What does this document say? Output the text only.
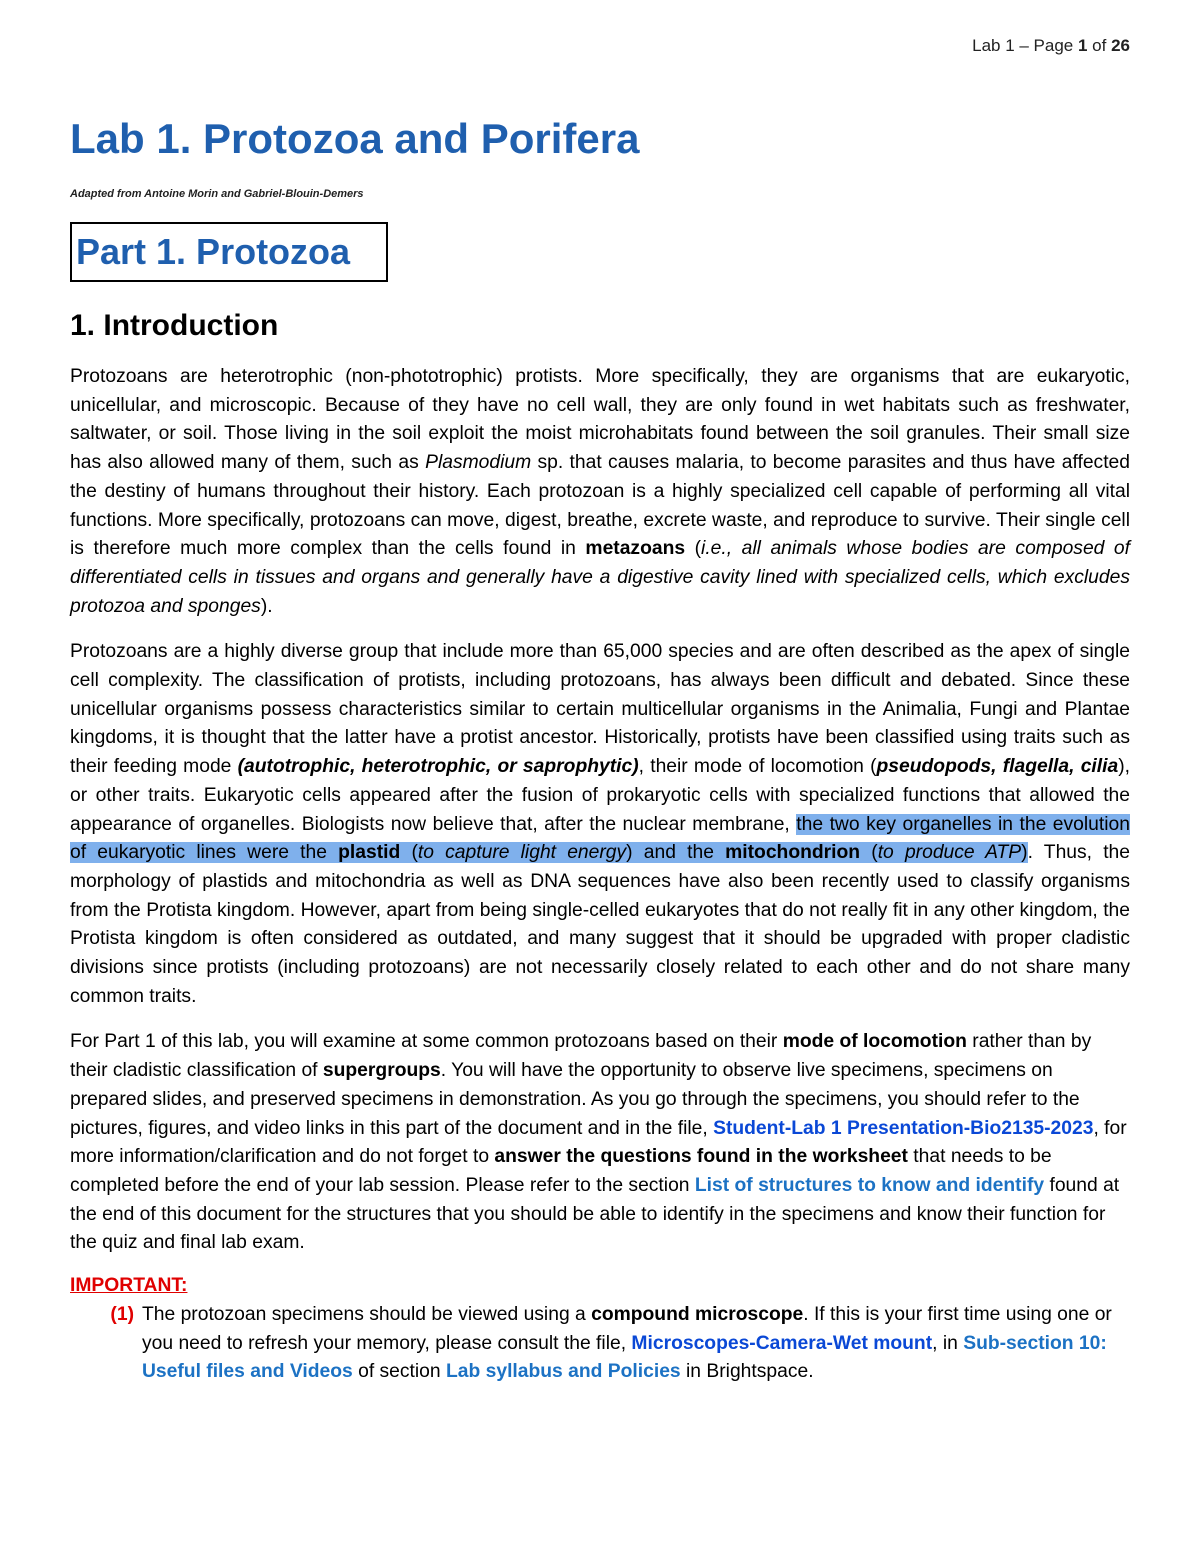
Lab 1 – Page 1 of 26
Lab 1. Protozoa and Porifera
Adapted from Antoine Morin and Gabriel-Blouin-Demers
Part 1. Protozoa
1. Introduction

Protozoans are heterotrophic (non-phototrophic) protists. More specifically, they are organisms that are eukaryotic, unicellular, and microscopic. Because of they have no cell wall, they are only found in wet habitats such as freshwater, saltwater, or soil. Those living in the soil exploit the moist microhabitats found between the soil granules. Their small size has also allowed many of them, such as Plasmodium sp. that causes malaria, to become parasites and thus have affected the destiny of humans throughout their history. Each protozoan is a highly specialized cell capable of performing all vital functions. More specifically, protozoans can move, digest, breathe, excrete waste, and reproduce to survive. Their single cell is therefore much more complex than the cells found in metazoans (i.e., all animals whose bodies are composed of differentiated cells in tissues and organs and generally have a digestive cavity lined with specialized cells, which excludes protozoa and sponges).

Protozoans are a highly diverse group that include more than 65,000 species and are often described as the apex of single cell complexity. The classification of protists, including protozoans, has always been difficult and debated. Since these unicellular organisms possess characteristics similar to certain multicellular organisms in the Animalia, Fungi and Plantae kingdoms, it is thought that the latter have a protist ancestor. Historically, protists have been classified using traits such as their feeding mode (autotrophic, heterotrophic, or saprophytic), their mode of locomotion (pseudopods, flagella, cilia), or other traits. Eukaryotic cells appeared after the fusion of prokaryotic cells with specialized functions that allowed the appearance of organelles. Biologists now believe that, after the nuclear membrane, the two key organelles in the evolution of eukaryotic lines were the plastid (to capture light energy) and the mitochondrion (to produce ATP). Thus, the morphology of plastids and mitochondria as well as DNA sequences have also been recently used to classify organisms from the Protista kingdom. However, apart from being single-celled eukaryotes that do not really fit in any other kingdom, the Protista kingdom is often considered as outdated, and many suggest that it should be upgraded with proper cladistic divisions since protists (including protozoans) are not necessarily closely related to each other and do not share many common traits.

For Part 1 of this lab, you will examine at some common protozoans based on their mode of locomotion rather than by their cladistic classification of supergroups. You will have the opportunity to observe live specimens, specimens on prepared slides, and preserved specimens in demonstration. As you go through the specimens, you should refer to the pictures, figures, and video links in this part of the document and in the file, Student-Lab 1 Presentation-Bio2135-2023, for more information/clarification and do not forget to answer the questions found in the worksheet that needs to be completed before the end of your lab session. Please refer to the section List of structures to know and identify found at the end of this document for the structures that you should be able to identify in the specimens and know their function for the quiz and final lab exam.

IMPORTANT:
(1) The protozoan specimens should be viewed using a compound microscope. If this is your first time using one or you need to refresh your memory, please consult the file, Microscopes-Camera-Wet mount, in Sub-section 10: Useful files and Videos of section Lab syllabus and Policies in Brightspace.
